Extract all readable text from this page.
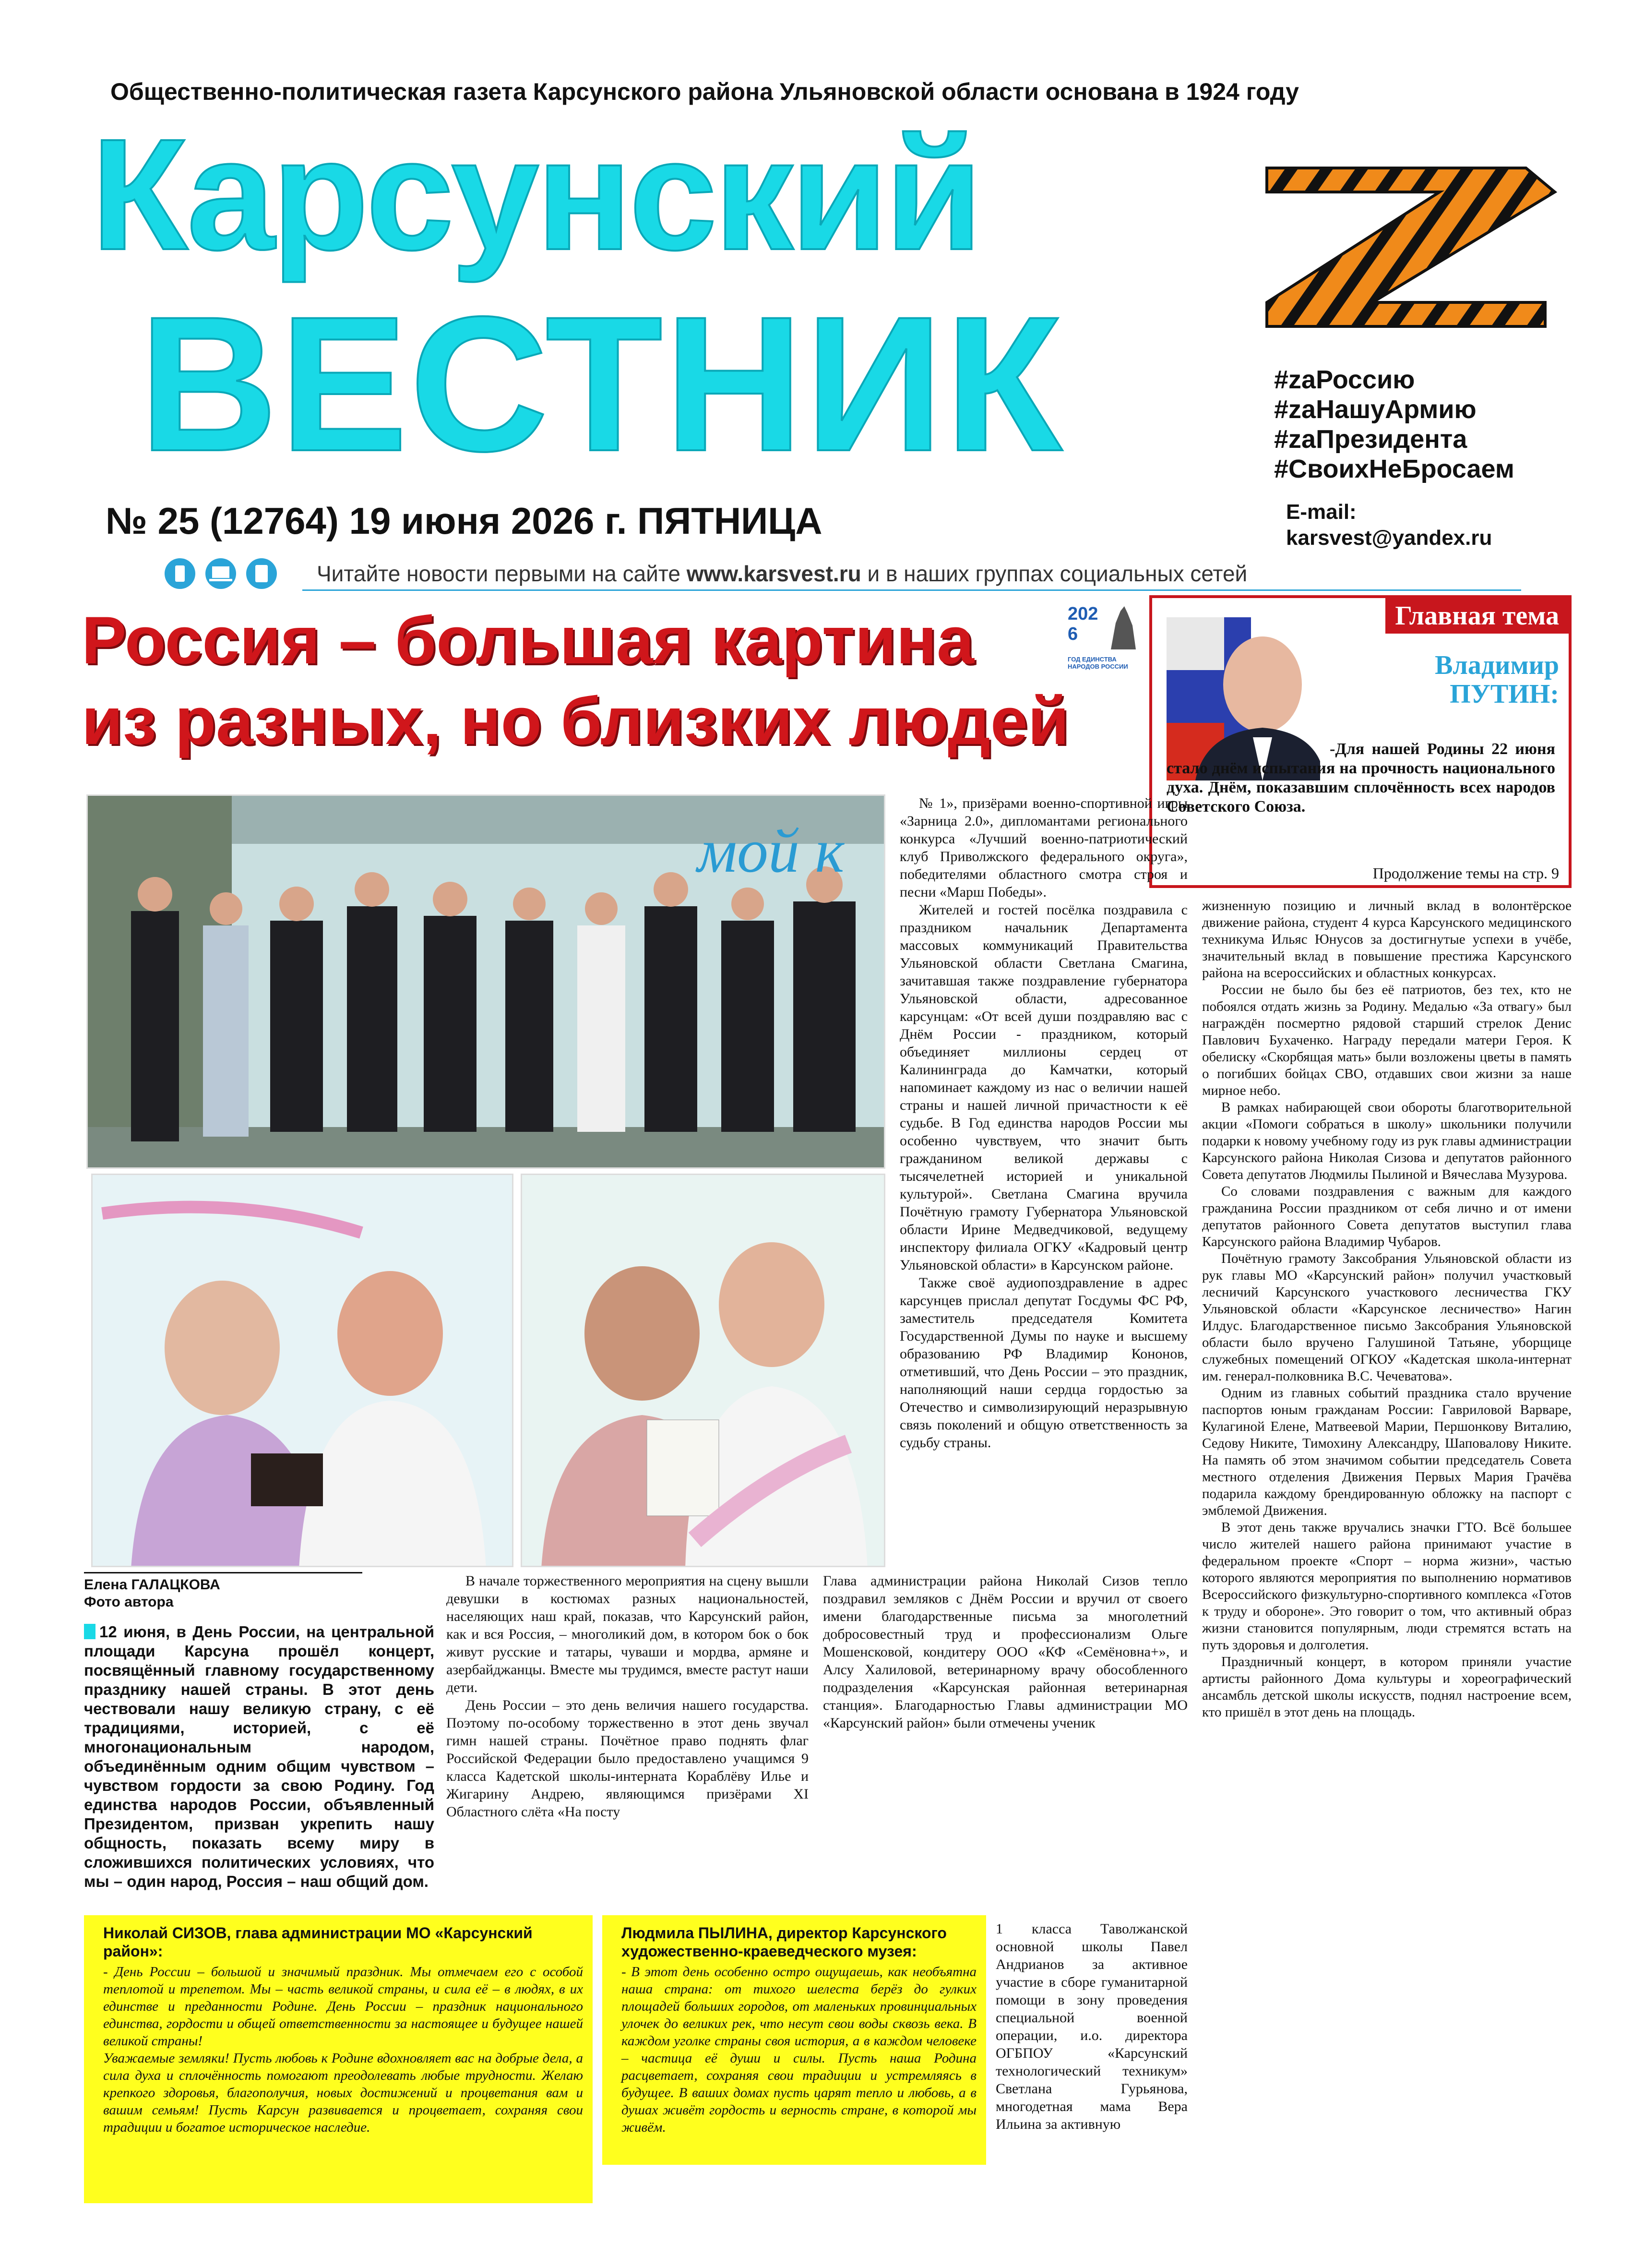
Общественно-политическая газета Карсунского района Ульяновской области основана в 1924 году
Карсунский
ВЕСТНИК	#zаРоссию
#zаНашуАрмию
#zаПрезидента
#СвоихНеБросаем
№ 25 (12764) 19 июня 2026 г. ПЯТНИЦА	E-mail:
karsvest@yandex.ru
Читайте новости первыми на сайте www.karsvest.ru и в наших группах социальных сетей
Россия – большая картина
из разных, но близких людей
2026
ГОД ЕДИНСТВА НАРОДОВ РОССИИ
Главная тема
Владимир
ПУТИН:
-Для нашей Родины 22 июня стало днём испытания на прочность национального духа. Днём, показавшим сплочённость всех народов Советского Союза.
Продолжение темы на стр. 9
мой к
Елена ГАЛАЦКОВА
Фото автора
12 июня, в День России, на центральной площади Карсуна прошёл концерт, посвящённый главному государственному празднику нашей страны. В этот день чествовали нашу великую страну, с её традициями, историей, с её многонациональным народом, объединённым одним общим чувством – чувством гордости за свою Родину. Год единства народов России, объявленный Президентом, призван укрепить нашу общность, показать всему миру в сложившихся политических условиях, что мы – один народ, Россия – наш общий дом.

В начале торжественного мероприятия на сцену вышли девушки в костюмах разных национальностей, населяющих наш край, показав, что Карсунский район, как и вся Россия, – многоликий дом, в котором бок о бок живут русские и татары, чуваши и мордва, армяне и азербайджанцы. Вместе мы трудимся, вместе растут наши дети.

День России – это день величия нашего государства. Поэтому по-особому торжественно в этот день звучал гимн нашей страны. Почётное право поднять флаг Российской Федерации было предоставлено учащимся 9 класса Кадетской школы-интерната Кораблёву Илье и Жигарину Андрею, являющимся призёрами XI Областного слёта «На посту

№ 1», призёрами военно-спортивной игры «Зарница 2.0», дипломантами регионального конкурса «Лучший военно-патриотический клуб Приволжского федерального округа», победителями областного смотра строя и песни «Марш Победы».

Жителей и гостей посёлка поздравила с праздником начальник Департамента массовых коммуникаций Правительства Ульяновской области Светлана Смагина, зачитавшая также поздравление губернатора Ульяновской области, адресованное карсунцам: «От всей души поздравляю вас с Днём России - праздником, который объединяет миллионы сердец от Калининграда до Камчатки, который напоминает каждому из нас о величии нашей страны и нашей личной причастности к её судьбе. В Год единства народов России мы особенно чувствуем, что значит быть гражданином великой державы с тысячелетней историей и уникальной культурой». Светлана Смагина вручила Почётную грамоту Губернатора Ульяновской области Ирине Медведчиковой, ведущему инспектору филиала ОГКУ «Кадровый центр Ульяновской области» в Карсунском районе.

Также своё аудиопоздравление в адрес карсунцев прислал депутат Госдумы ФС РФ, заместитель председателя Комитета Государственной Думы по науке и высшему образованию РФ Владимир Кононов, отметивший, что День России – это праздник, наполняющий наши сердца гордостью за Отечество и символизирующий неразрывную связь поколений и общую ответственность за судьбу страны.

Глава администрации района Николай Сизов тепло поздравил земляков с Днём России и вручил от своего имени благодарственные письма за многолетний добросовестный труд и профессионализм Ольге Мошенсковой, кондитеру ООО «КФ «Семёновна+», и Алсу Халиловой, ветеринарному врачу обособленного подразделения «Карсунская районная ветеринарная станция». Благодарностью Главы администрации МО «Карсунский район» были отмечены ученик

1 класса Таволжанской основной школы Павел Андрианов за активное участие в сборе гуманитарной помощи в зону проведения специальной военной операции, и.о. директора ОГБПОУ «Карсунский технологический техникум» Светлана Гурьянова, многодетная мама Вера Ильина за активную

жизненную позицию и личный вклад в волонтёрское движение района, студент 4 курса Карсунского медицинского техникума Ильяс Юнусов за достигнутые успехи в учёбе, значительный вклад в повышение престижа Карсунского района на всероссийских и областных конкурсах.

России не было бы без её патриотов, без тех, кто не побоялся отдать жизнь за Родину. Медалью «За отвагу» был награждён посмертно рядовой старший стрелок Денис Павлович Бухаченко. Награду передали матери Героя. К обелиску «Скорбящая мать» были возложены цветы в память о погибших бойцах СВО, отдавших свои жизни за наше мирное небо.

В рамках набирающей свои обороты благотворительной акции «Помоги собраться в школу» школьники получили подарки к новому учебному году из рук главы администрации Карсунского района Николая Сизова и депутатов районного Совета депутатов Людмилы Пылиной и Вячеслава Музурова.

Со словами поздравления с важным для каждого гражданина России праздником от себя лично и от имени депутатов районного Совета депутатов выступил глава Карсунского района Владимир Чубаров.

Почётную грамоту Заксобрания Ульяновской области из рук главы МО «Карсунский район» получил участковый лесничий Карсунского участкового лесничества ГКУ Ульяновской области «Карсунское лесничество» Нагин Илдус. Благодарственное письмо Заксобрания Ульяновской области было вручено Галушиной Татьяне, уборщице служебных помещений ОГКОУ «Кадетская школа-интернат им. генерал-полковника В.С. Чечеватова».

Одним из главных событий праздника стало вручение паспортов юным гражданам России: Гавриловой Варваре, Кулагиной Елене, Матвеевой Марии, Першонкову Виталию, Седову Никите, Тимохину Александру, Шаповалову Никите. На память об этом значимом событии председатель Совета местного отделения Движения Первых Мария Грачёва подарила каждому брендированную обложку на паспорт с эмблемой Движения.

В этот день также вручались значки ГТО. Всё большее число жителей нашего района принимают участие в федеральном проекте «Спорт – норма жизни», частью которого являются мероприятия по выполнению нормативов Всероссийского физкультурно-спортивного комплекса «Готов к труду и обороне». Это говорит о том, что активный образ жизни становится популярным, люди стремятся встать на путь здоровья и долголетия.

Праздничный концерт, в котором приняли участие артисты районного Дома культуры и хореографический ансамбль детской школы искусств, поднял настроение всем, кто пришёл в этот день на площадь.

Николай СИЗОВ, глава администрации МО «Карсунский район»:
- День России – большой и значимый праздник. Мы отмечаем его с особой теплотой и трепетом. Мы – часть великой страны, и сила её – в людях, в их единстве и преданности Родине. День России – праздник национального единства, гордости и общей ответственности за настоящее и будущее нашей великой страны!
Уважаемые земляки! Пусть любовь к Родине вдохновляет вас на добрые дела, а сила духа и сплочённость помогают преодолевать любые трудности. Желаю крепкого здоровья, благополучия, новых достижений и процветания вам и вашим семьям! Пусть Карсун развивается и процветает, сохраняя свои традиции и богатое историческое наследие.
Людмила ПЫЛИНА, директор Карсунского художественно-краеведческого музея:
- В этот день особенно остро ощущаешь, как необъятна наша страна: от тихого шелеста берёз до гулких площадей больших городов, от маленьких провинциальных улочек до великих рек, что несут свои воды сквозь века. В каждом уголке страны своя история, а в каждом человеке – частица её души и силы. Пусть наша Родина расцветает, сохраняя свои традиции и устремляясь в будущее. В ваших домах пусть царят тепло и любовь, а в душах живёт гордость и верность стране, в которой мы живём.
